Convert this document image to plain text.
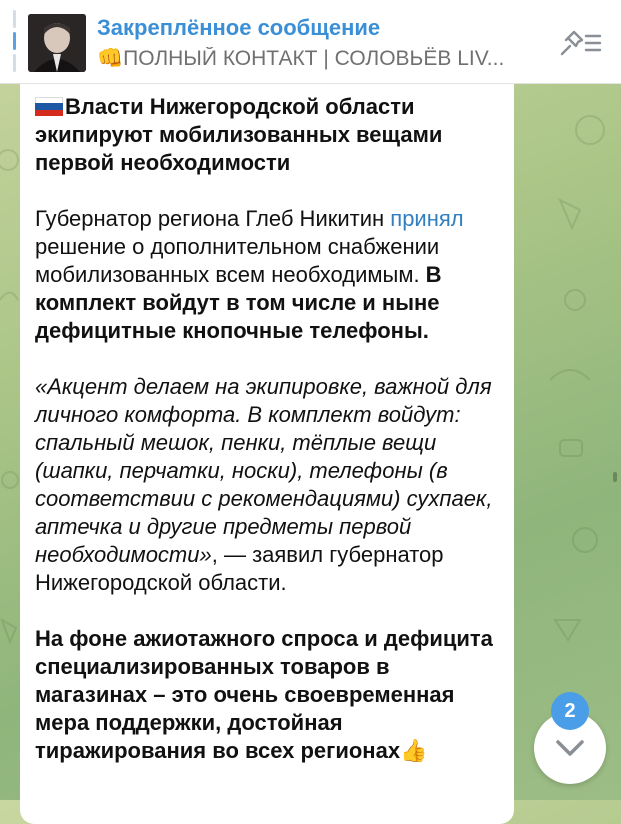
Закреплённое сообщение
👊ПОЛНЫЙ КОНТАКТ | СОЛОВЬЁВ LIV...

Власти Нижегородской области экипируют мобилизованных вещами первой необходимости

Губернатор региона Глеб Никитин принял решение о дополнительном снабжении мобилизованных всем необходимым. В комплект войдут в том числе и ныне дефицитные кнопочные телефоны.

«Акцент делаем на экипировке, важной для личного комфорта. В комплект войдут: спальный мешок, пенки, тёплые вещи (шапки, перчатки, носки), телефоны (в соответствии с рекомендациями) сухпаек, аптечка и другие предметы первой необходимости», — заявил губернатор Нижегородской области.

На фоне ажиотажного спроса и дефицита специализированных товаров в магазинах – это очень своевременная мера поддержки, достойная тиражирования во всех регионах👍

2
